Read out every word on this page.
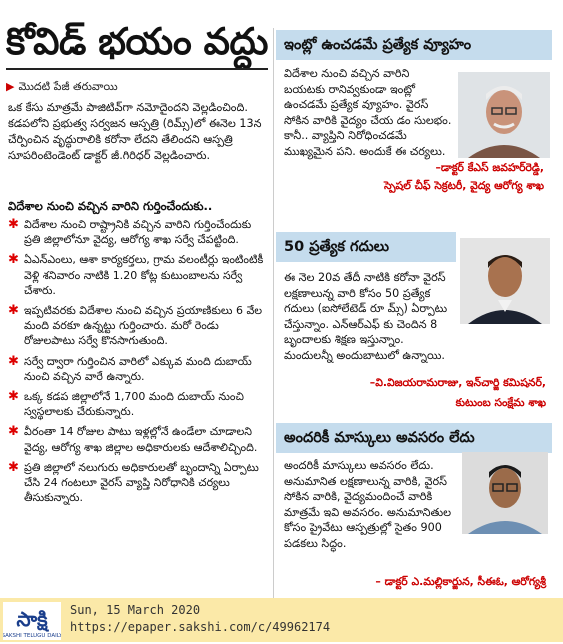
కోవిడ్‌ భయం వద్దు
▶ మొదటి పేజీ తరువాయి
ఒక కేసు మాత్రమే పాజిటివ్‌గా నమోదైందని వెల్లడించింది. కడపలోని ప్రభుత్వ సర్వజన ఆస్పత్రి (రిమ్స్‌)లో ఈనెల 13న చేర్పించిన వృద్ధురాలికి కరోనా లేదని తేలిందని ఆస్పత్రి సూపరింటెండెంట్‌ డాక్టర్‌ జీ.గిరిధర్‌ వెల్లడించారు.
విదేశాల నుంచి వచ్చిన వారిని గుర్తించేందుకు..
✱ విదేశాల నుంచి రాష్ట్రానికి వచ్చిన వారిని గుర్తించేందుకు ప్రతి జిల్లాలోనూ వైద్య, ఆరోగ్య శాఖ సర్వే చేపట్టింది.
✱ ఏఎన్‌ఎంలు, ఆశా కార్యకర్తలు, గ్రామ వలంటీర్లు ఇంటింటికీ వెళ్లి శనివారం నాటికి 1.20 కోట్ల కుటుంబాలను సర్వే చేశారు.
✱ ఇప్పటివరకు విదేశాల నుంచి వచ్చిన ప్రయాణికులు 6 వేల మంది వరకూ ఉన్నట్టు గుర్తించారు. మరో రెండు రోజులపాటు సర్వే కొనసాగుతుంది.
✱ సర్వే ద్వారా గుర్తించిన వారిలో ఎక్కువ మంది దుబాయ్‌ నుంచి వచ్చిన వారే ఉన్నారు.
✱ ఒక్క కడప జిల్లాలోనే 1,700 మంది దుబాయ్‌ నుంచి స్వస్థలాలకు చేరుకున్నారు.
✱ వీరంతా 14 రోజుల పాటు ఇళ్లల్లోనే ఉండేలా చూడాలని వైద్య, ఆరోగ్య శాఖ జిల్లాల అధికారులకు ఆదేశాలిచ్చింది.
✱ ప్రతి జిల్లాలో నలుగురు అధికారులతో బృందాన్ని ఏర్పాటు చేసి 24 గంటలూ వైరస్‌ వ్యాప్తి నిరోధానికి చర్యలు తీసుకున్నారు.
ఇంట్లో ఉంచడమే ప్రత్యేక వ్యూహం
విదేశాల నుంచి వచ్చిన వారిని బయటకు రానివ్వకుండా ఇంట్లో ఉంచడమే ప్రత్యేక వ్యూహం. వైరస్‌ సోకిన వారికి వైద్యం చేయ డం సులభం. కానీ.. వ్యాప్తిని నిరోధించడమే ముఖ్యమైన పని. అందుకే ఈ చర్యలు.
–డాక్టర్‌ కేఎస్‌ జవహర్‌రెడ్డి,
స్పెషల్‌ చీఫ్‌ సెక్రటరీ, వైద్య ఆరోగ్య శాఖ
50 ప్రత్యేక గదులు
ఈ నెల 20వ తేదీ నాటికి కరోనా వైరస్‌ లక్షణాలున్న వారి కోసం 50 ప్రత్యేక గదులు (ఐసోలేటెడ్‌ రూ మ్స్‌) ఏర్పాటు చేస్తున్నాం. ఎన్‌ఆర్‌ఎఫ్‌ కు చెందిన 8 బృందాలకు శిక్షణ ఇస్తున్నాం. మందులన్నీ అందుబాటులో ఉన్నాయి.
–వి.విజయరామరాజు, ఇన్‌చార్జి కమిషనర్‌,
కుటుంబ సంక్షేమ శాఖ
అందరికీ మాస్కులు అవసరం లేదు
అందరికీ మాస్కులు అవసరం లేదు. అనుమానిత లక్షణాలున్న వారికి, వైరస్‌ సోకిన వారికి, వైద్యమందించే వారికి మాత్రమే ఇవి అవసరం. అనుమానితుల కోసం ప్రైవేటు ఆస్పత్రుల్లో సైతం 900 పడకలు సిద్ధం.
– డాక్టర్‌ ఎ.మల్లికార్జున, సీఈఓ, ఆరోగ్యశ్రీ
సాక్షి
SAKSHI TELUGU DAILY
Sun, 15 March 2020
https://epaper.sakshi.com/c/49962174
